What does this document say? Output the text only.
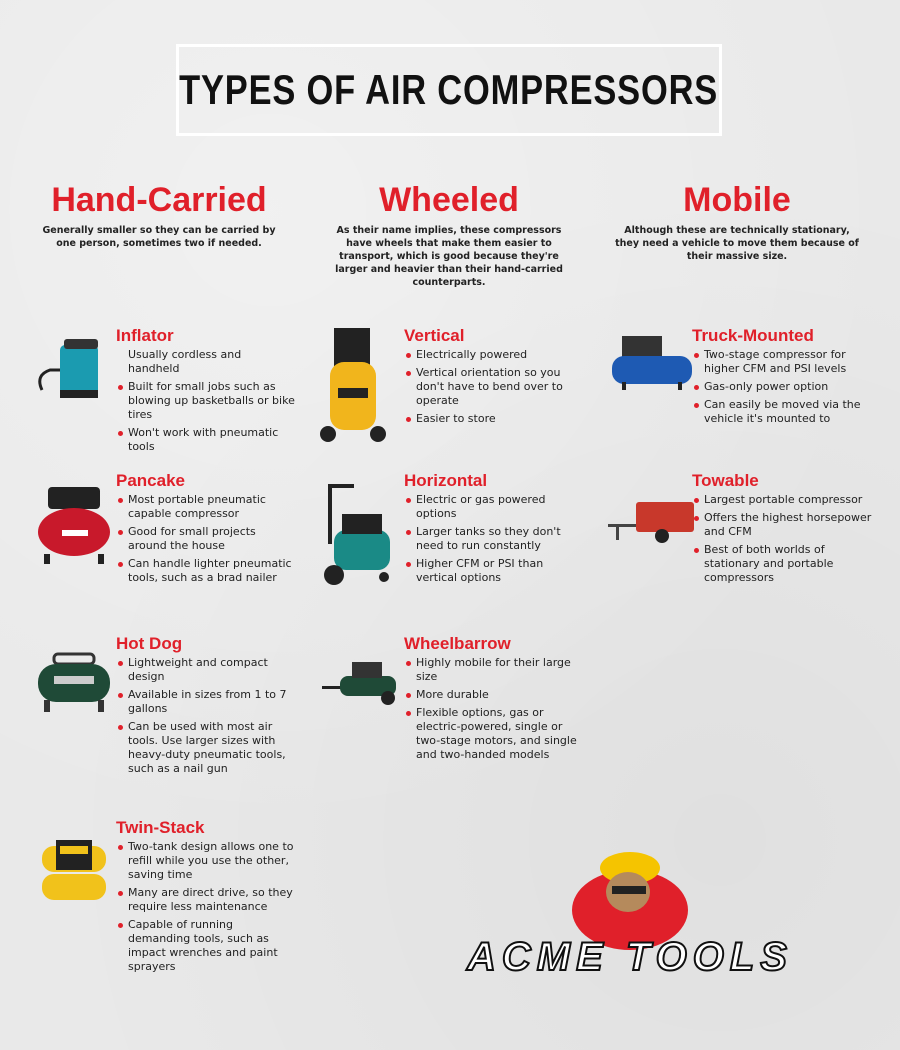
TYPES OF AIR COMPRESSORS
Hand-Carried

Generally smaller so they can be carried by one person, sometimes two if needed.

Wheeled

As their name implies, these compressors have wheels that make them easier to transport, which is good because they're larger and heavier than their hand-carried counterparts.

Mobile

Although these are technically stationary, they need a vehicle to move them because of their massive size.

Inflator
Usually cordless and handheld
Built for small jobs such as blowing up basketballs or bike tires
Won't work with pneumatic tools
Pancake
Most portable pneumatic capable compressor
Good for small projects around the house
Can handle lighter pneumatic tools, such as a brad nailer
Hot Dog
Lightweight and compact design
Available in sizes from 1 to 7 gallons
Can be used with most air tools. Use larger sizes with heavy-duty pneumatic tools, such as a nail gun
Twin-Stack
Two-tank design allows one to refill while you use the other, saving time
Many are direct drive, so they require less maintenance
Capable of running demanding tools, such as impact wrenches and paint sprayers
Vertical
Electrically powered
Vertical orientation so you don't have to bend over to operate
Easier to store
Horizontal
Electric or gas powered options
Larger tanks so they don't need to run constantly
Higher CFM or PSI than vertical options
Wheelbarrow
Highly mobile for their large size
More durable
Flexible options, gas or electric-powered, single or two-stage motors, and single and two-handed models
Truck-Mounted
Two-stage compressor for higher CFM and PSI levels
Gas-only power option
Can easily be moved via the vehicle it's mounted to
Towable
Largest portable compressor
Offers the highest horsepower and CFM
Best of both worlds of stationary and portable compressors
ACME TOOLS
